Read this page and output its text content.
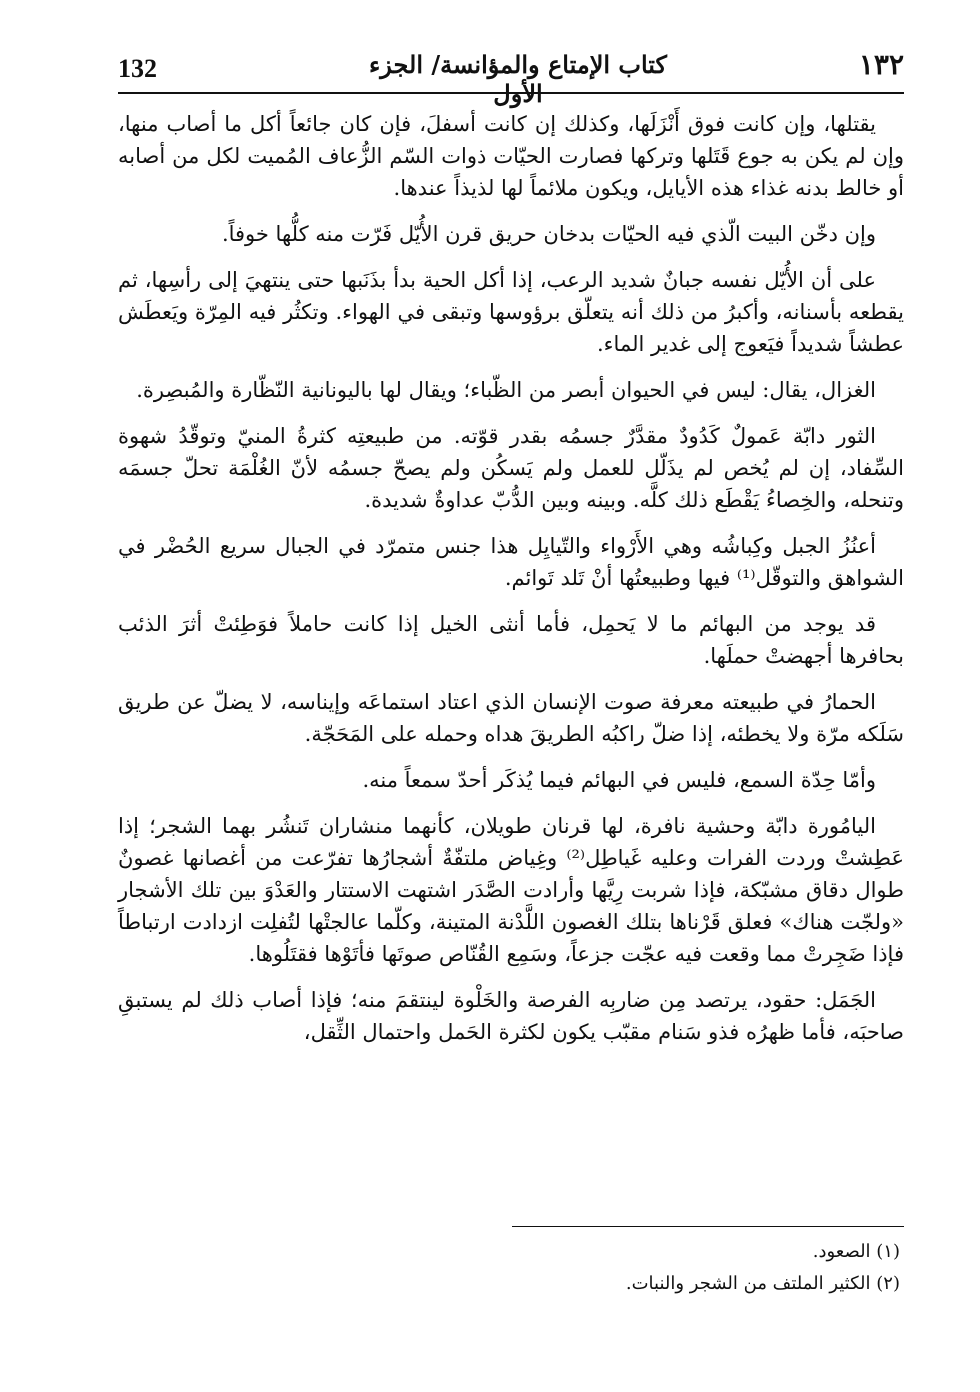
132	كتاب الإمتاع والمؤانسة/ الجزء الأول
١٣٢

يقتلها، وإن كانت فوق أَنْزَلَها، وكذلك إن كانت أسفلَ، فإن كان جائعاً أكل ما أصاب منها، وإن لم يكن به جوع قَتَلها وتركها فصارت الحيّات ذوات السّم الزُّعاف المُميت لكل من أصابه أو خالط بدنه غذاء هذه الأيايل، ويكون ملائماً لها لذيذاً عندها.

وإن دخّن البيت الّذي فيه الحيّات بدخان حريق قرن الأُيّل فَرّت منه كلُّها خوفاً.

على أن الأُيّل نفسه جبانٌ شديد الرعب، إذا أكل الحية بدأ بذَنَبها حتى ينتهيَ إلى رأسِها، ثم يقطعه بأسنانه، وأكبرُ من ذلك أنه يتعلّق برؤوسها وتبقى في الهواء. وتكثُر فيه المِرّة ويَعطَش عطشاً شديداً فيَعوج إلى غدير الماء.

الغزال، يقال: ليس في الحيوان أبصر من الظّباء؛ ويقال لها باليونانية النّظّارة والمُبصِرة.

الثور دابّة عَمولٌ كَدُودٌ مقدَّرٌ جسمُه بقدر قوّته. من طبيعتِه كثرةُ المنيّ وتوقّدُ شهوة السِّفاد، إن لم يُخص لم يذَلّل للعمل ولم يَسكُن ولم يصحّ جسمُه لأنّ الغُلْمَة تحلّ جسمَه وتنحله، والخِصاءُ يَقْطَع ذلك كلَّه. وبينه وبين الدُّبّ عداوةٌ شديدة.

أعنُزُ الجبل وكِباشُه وهي الأَرْواء والتّيايِل هذا جنس متمرّد في الجبال سريع الحُضْر في الشواهق والتوقّل⁽¹⁾ فيها وطبيعتُها أنْ تَلد تَوائم.

قد يوجد من البهائم ما لا يَحمِل، فأما أنثى الخيل إذا كانت حاملاً فوَطِئتْ أثرَ الذئب بحافرها أجهضتْ حملَها.

الحمارُ في طبيعته معرفة صوت الإنسان الذي اعتاد استماعَه وإيناسه، لا يضلّ عن طريق سَلَكه مرّة ولا يخطئه، إذا ضلّ راكبُه الطريقَ هداه وحمله على المَحَجّة.

وأمّا حِدّة السمع، فليس في البهائم فيما يُذكَر أحدّ سمعاً منه.

اليامُورة دابّة وحشية نافرة، لها قرنان طويلان، كأنهما منشاران تَنشُر بهما الشجر؛ إذا عَطِشتْ وردت الفرات وعليه غَياطِل⁽²⁾ وغِياض ملتفّةٌ أشجارُها تفرّعت من أغصانها غصونٌ طوال دقاق مشبّكة، فإذا شربت رِيَّها وأرادت الصَّدَر اشتهت الاستتار والعَدْوَ بين تلك الأشجار «ولجّت هناك» فعلق قَرْناها بتلك الغصون اللَّدْنة المتينة، وكلّما عالجتْها لتُفلِت ازدادت ارتباطاً فإذا ضَجِرتْ مما وقعت فيه عجّت جزعاً، وسَمِع القُنّاص صوتَها فأتَوْها فقتَلُوها.

الجَمَل: حقود، يرتصد مِن ضاربِه الفرصة والخَلْوة لينتقمَ منه؛ فإذا أصاب ذلك لم يستبقِ صاحبَه، فأما ظهرُه فذو سَنام مقبّب يكون لكثرة الحَمل واحتمال الثِّقل،

(١) الصعود.
(٢) الكثير الملتف من الشجر والنبات.
